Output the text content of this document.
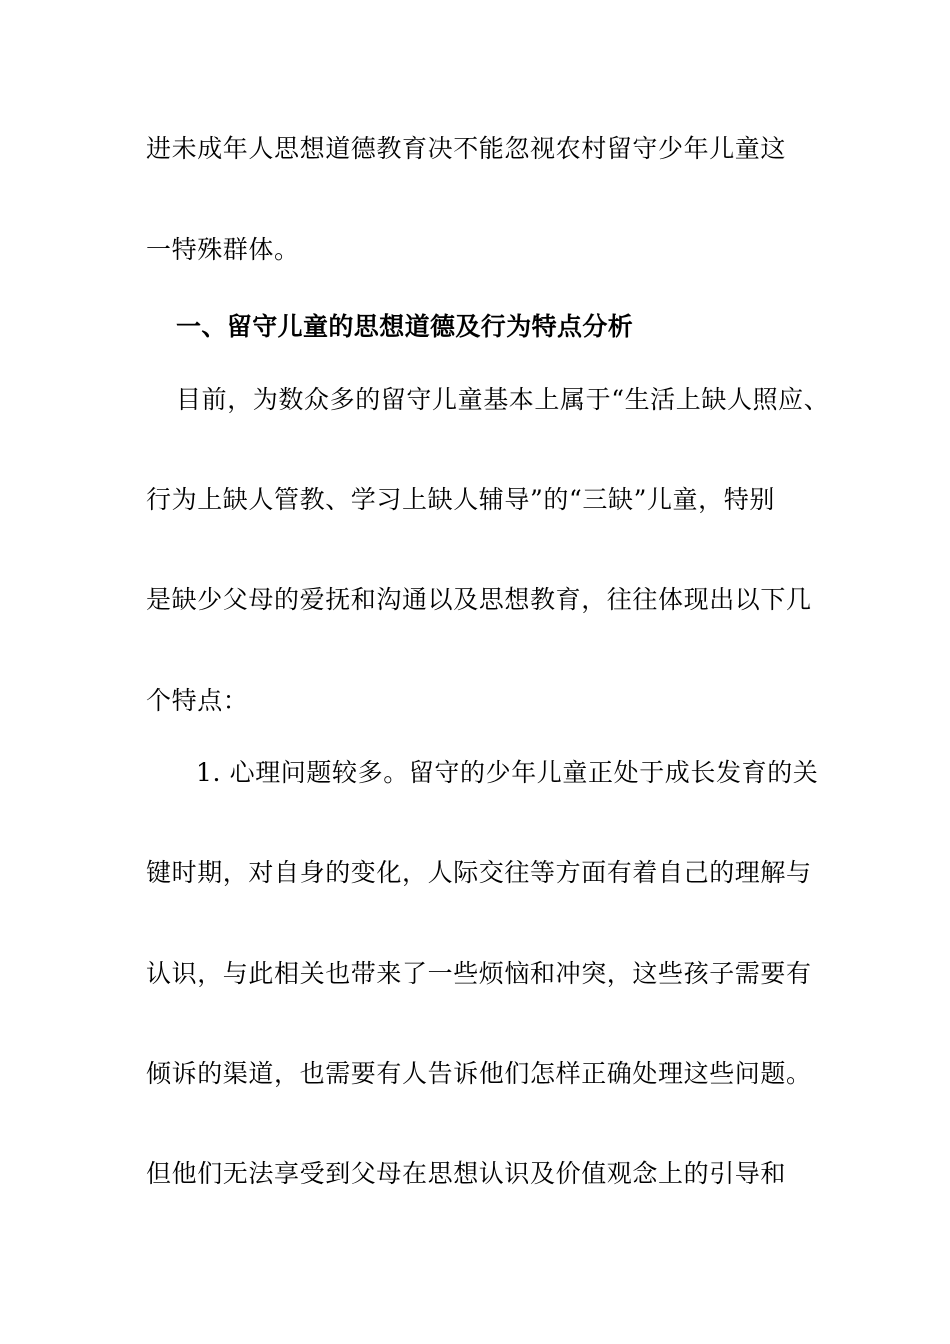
进未成年人思想道德教育决不能忽视农村留守少年儿童这
一特殊群体。
一、留守儿童的思想道德及行为特点分析
目前，为数众多的留守儿童基本上属于“生活上缺人照应、
行为上缺人管教、学习上缺人辅导”的“三缺”儿童，特别
是缺少父母的爱抚和沟通以及思想教育，往往体现出以下几
个特点：
1. 心理问题较多。留守的少年儿童正处于成长发育的关
键时期，对自身的变化，人际交往等方面有着自己的理解与
认识，与此相关也带来了一些烦恼和冲突，这些孩子需要有
倾诉的渠道，也需要有人告诉他们怎样正确处理这些问题。
但他们无法享受到父母在思想认识及价值观念上的引导和
